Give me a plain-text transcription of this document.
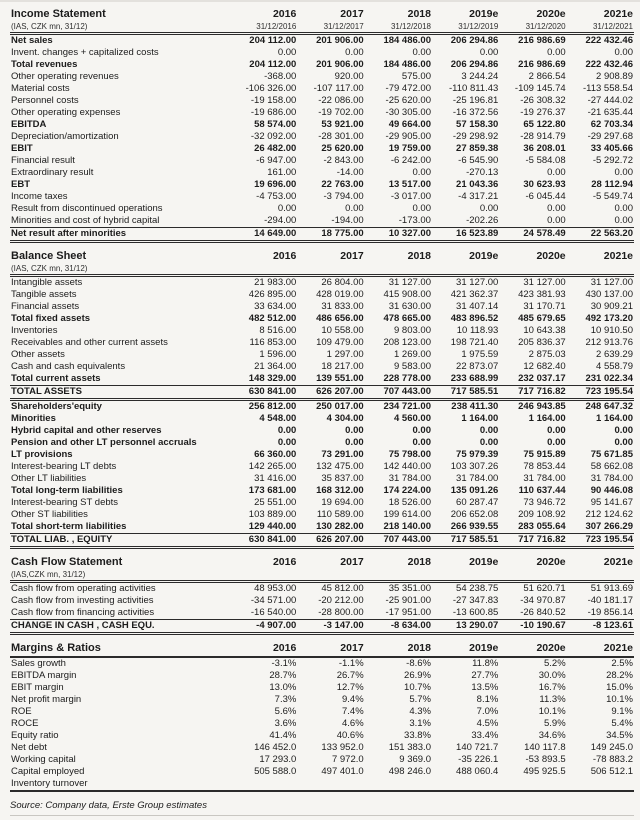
Income Statement	2016	2017	2018	2019e	2020e	2021e
(IAS, CZK mn, 31/12)	31/12/2016	31/12/2017	31/12/2018	31/12/2019	31/12/2020	31/12/2021
Net sales	204 112.00	201 906.00	184 486.00	206 294.86	216 986.69	222 432.46
Invent. changes + capitalized costs	0.00	0.00	0.00	0.00	0.00	0.00
Total revenues	204 112.00	201 906.00	184 486.00	206 294.86	216 986.69	222 432.46
Other operating revenues	-368.00	920.00	575.00	3 244.24	2 866.54	2 908.89
Material costs	-106 326.00	-107 117.00	-79 472.00	-110 811.43	-109 145.74	-113 558.54
Personnel costs	-19 158.00	-22 086.00	-25 620.00	-25 196.81	-26 308.32	-27 444.02
Other operating expenses	-19 686.00	-19 702.00	-30 305.00	-16 372.56	-19 276.37	-21 635.44
EBITDA	58 574.00	53 921.00	49 664.00	57 158.30	65 122.80	62 703.34
Depreciation/amortization	-32 092.00	-28 301.00	-29 905.00	-29 298.92	-28 914.79	-29 297.68
EBIT	26 482.00	25 620.00	19 759.00	27 859.38	36 208.01	33 405.66
Financial result	-6 947.00	-2 843.00	-6 242.00	-6 545.90	-5 584.08	-5 292.72
Extraordinary result	161.00	-14.00	0.00	-270.13	0.00	0.00
EBT	19 696.00	22 763.00	13 517.00	21 043.36	30 623.93	28 112.94
Income taxes	-4 753.00	-3 794.00	-3 017.00	-4 317.21	-6 045.44	-5 549.74
Result from discontinued operations	0.00	0.00	0.00	0.00	0.00	0.00
Minorities and cost of hybrid capital	-294.00	-194.00	-173.00	-202.26	0.00	0.00
Net result after minorities	14 649.00	18 775.00	10 327.00	16 523.89	24 578.49	22 563.20
Balance Sheet	2016	2017	2018	2019e	2020e	2021e
(IAS, CZK mn, 31/12)						
Intangible assets	21 983.00	26 804.00	31 127.00	31 127.00	31 127.00	31 127.00
Tangible assets	426 895.00	428 019.00	415 908.00	421 362.37	423 381.93	430 137.00
Financial assets	33 634.00	31 833.00	31 630.00	31 407.14	31 170.71	30 909.21
Total fixed assets	482 512.00	486 656.00	478 665.00	483 896.52	485 679.65	492 173.20
Inventories	8 516.00	10 558.00	9 803.00	10 118.93	10 643.38	10 910.50
Receivables and other current assets	116 853.00	109 479.00	208 123.00	198 721.40	205 836.37	212 913.76
Other assets	1 596.00	1 297.00	1 269.00	1 975.59	2 875.03	2 639.29
Cash and cash equivalents	21 364.00	18 217.00	9 583.00	22 873.07	12 682.40	4 558.79
Total current assets	148 329.00	139 551.00	228 778.00	233 688.99	232 037.17	231 022.34
TOTAL ASSETS	630 841.00	626 207.00	707 443.00	717 585.51	717 716.82	723 195.54
Shareholders'equity	256 812.00	250 017.00	234 721.00	238 411.30	246 943.85	248 647.32
Minorities	4 548.00	4 304.00	4 560.00	1 164.00	1 164.00	1 164.00
Hybrid capital and other reserves	0.00	0.00	0.00	0.00	0.00	0.00
Pension and other LT personnel accruals	0.00	0.00	0.00	0.00	0.00	0.00
LT provisions	66 360.00	73 291.00	75 798.00	75 979.39	75 915.89	75 671.85
Interest-bearing LT debts	142 265.00	132 475.00	142 440.00	103 307.26	78 853.44	58 662.08
Other LT liabilities	31 416.00	35 837.00	31 784.00	31 784.00	31 784.00	31 784.00
Total long-term liabilities	173 681.00	168 312.00	174 224.00	135 091.26	110 637.44	90 446.08
Interest-bearing ST debts	25 551.00	19 694.00	18 526.00	60 287.47	73 946.72	95 141.67
Other ST liabilities	103 889.00	110 589.00	199 614.00	206 652.08	209 108.92	212 124.62
Total short-term liabilities	129 440.00	130 282.00	218 140.00	266 939.55	283 055.64	307 266.29
TOTAL LIAB. , EQUITY	630 841.00	626 207.00	707 443.00	717 585.51	717 716.82	723 195.54
Cash Flow Statement	2016	2017	2018	2019e	2020e	2021e
(IAS,CZK mn, 31/12)						
Cash flow from operating activities	48 953.00	45 812.00	35 351.00	54 238.75	51 620.71	51 913.69
Cash flow from investing activities	-34 571.00	-20 212.00	-25 901.00	-27 347.83	-34 970.87	-40 181.17
Cash flow from financing activities	-16 540.00	-28 800.00	-17 951.00	-13 600.85	-26 840.52	-19 856.14
CHANGE IN CASH , CASH EQU.	-4 907.00	-3 147.00	-8 634.00	13 290.07	-10 190.67	-8 123.61
Margins & Ratios	2016	2017	2018	2019e	2020e	2021e
Sales growth	-3.1%	-1.1%	-8.6%	11.8%	5.2%	2.5%
EBITDA margin	28.7%	26.7%	26.9%	27.7%	30.0%	28.2%
EBIT margin	13.0%	12.7%	10.7%	13.5%	16.7%	15.0%
Net profit margin	7.3%	9.4%	5.7%	8.1%	11.3%	10.1%
ROE	5.6%	7.4%	4.3%	7.0%	10.1%	9.1%
ROCE	3.6%	4.6%	3.1%	4.5%	5.9%	5.4%
Equity ratio	41.4%	40.6%	33.8%	33.4%	34.6%	34.5%
Net debt	146 452.0	133 952.0	151 383.0	140 721.7	140 117.8	149 245.0
Working capital	17 293.0	7 972.0	9 369.0	-35 226.1	-53 893.5	-78 883.2
Capital employed	505 588.0	497 401.0	498 246.0	488 060.4	495 925.5	506 512.1
Inventory turnover						
Source: Company data, Erste Group estimates
